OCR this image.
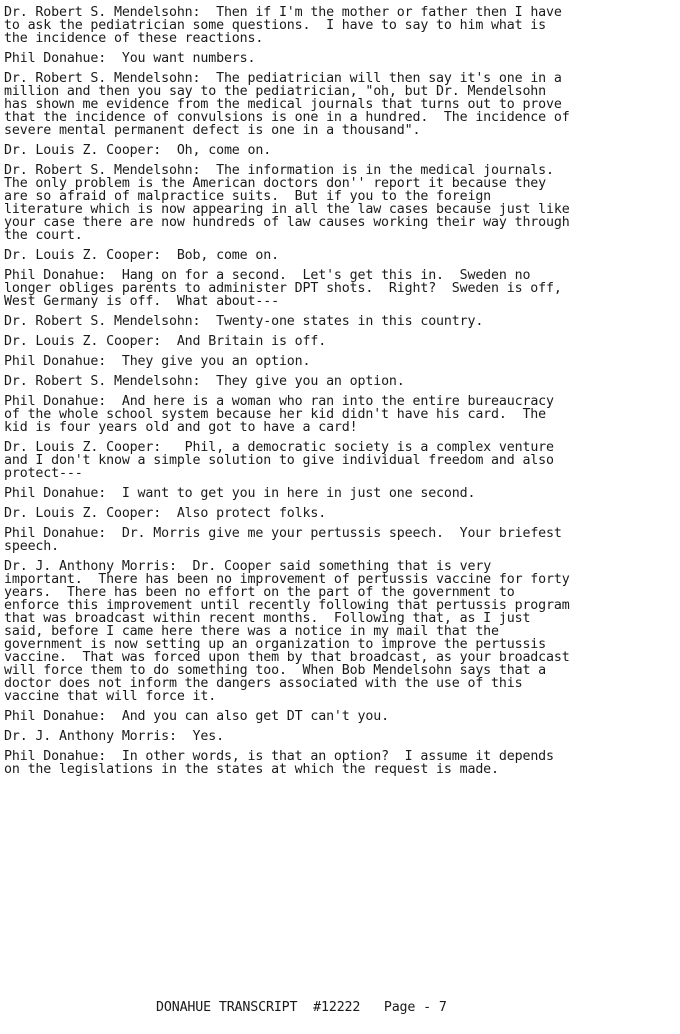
Dr. Robert S. Mendelsohn:  Then if I'm the mother or father then I have
to ask the pediatrician some questions.  I have to say to him what is
the incidence of these reactions.

Phil Donahue:  You want numbers.

Dr. Robert S. Mendelsohn:  The pediatrician will then say it's one in a
million and then you say to the pediatrician, "oh, but Dr. Mendelsohn
has shown me evidence from the medical journals that turns out to prove
that the incidence of convulsions is one in a hundred.  The incidence of
severe mental permanent defect is one in a thousand".

Dr. Louis Z. Cooper:  Oh, come on.

Dr. Robert S. Mendelsohn:  The information is in the medical journals.
The only problem is the American doctors don'' report it because they
are so afraid of malpractice suits.  But if you to the foreign
literature which is now appearing in all the law cases because just like
your case there are now hundreds of law causes working their way through
the court.

Dr. Louis Z. Cooper:  Bob, come on.

Phil Donahue:  Hang on for a second.  Let's get this in.  Sweden no
longer obliges parents to administer DPT shots.  Right?  Sweden is off,
West Germany is off.  What about---

Dr. Robert S. Mendelsohn:  Twenty-one states in this country.

Dr. Louis Z. Cooper:  And Britain is off.

Phil Donahue:  They give you an option.

Dr. Robert S. Mendelsohn:  They give you an option.

Phil Donahue:  And here is a woman who ran into the entire bureaucracy
of the whole school system because her kid didn't have his card.  The
kid is four years old and got to have a card!

Dr. Louis Z. Cooper:   Phil, a democratic society is a complex venture
and I don't know a simple solution to give individual freedom and also
protect---

Phil Donahue:  I want to get you in here in just one second.

Dr. Louis Z. Cooper:  Also protect folks.

Phil Donahue:  Dr. Morris give me your pertussis speech.  Your briefest
speech.

Dr. J. Anthony Morris:  Dr. Cooper said something that is very
important.  There has been no improvement of pertussis vaccine for forty
years.  There has been no effort on the part of the government to
enforce this improvement until recently following that pertussis program
that was broadcast within recent months.  Following that, as I just
said, before I came here there was a notice in my mail that the
government is now setting up an organization to improve the pertussis
vaccine.  That was forced upon them by that broadcast, as your broadcast
will force them to do something too.  When Bob Mendelsohn says that a
doctor does not inform the dangers associated with the use of this
vaccine that will force it.

Phil Donahue:  And you can also get DT can't you.

Dr. J. Anthony Morris:  Yes.

Phil Donahue:  In other words, is that an option?  I assume it depends
on the legislations in the states at which the request is made.

DONAHUE TRANSCRIPT #12222 Page - 7
